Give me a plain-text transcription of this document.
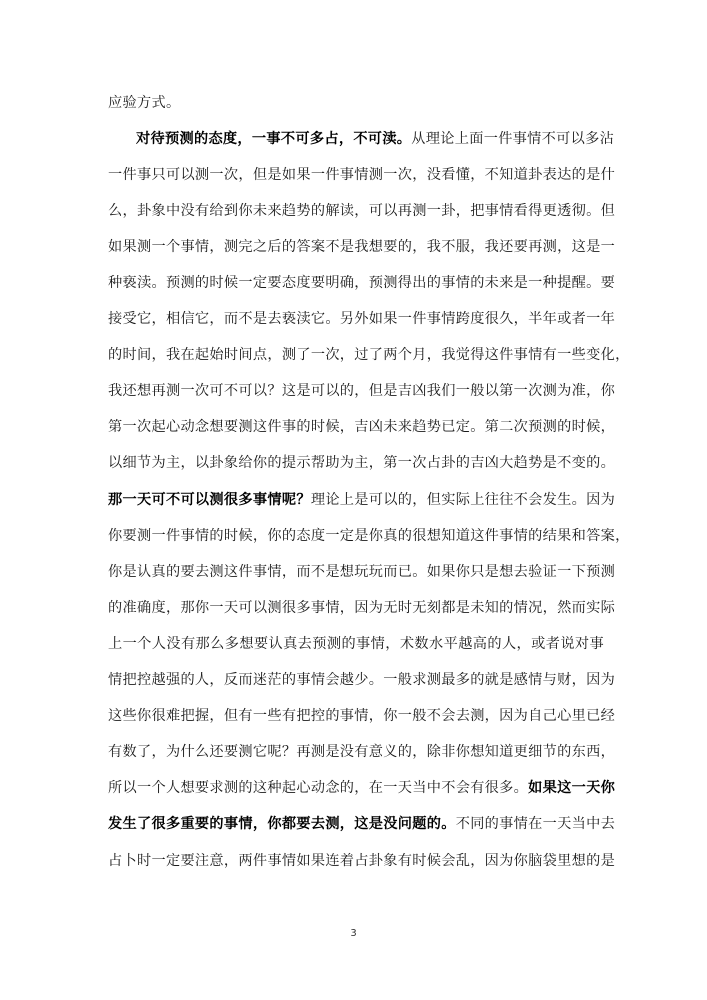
应验方式。
对待预测的态度，一事不可多占，不可渎。从理论上面一件事情不可以多沾
一件事只可以测一次，但是如果一件事情测一次，没看懂，不知道卦表达的是什
么，卦象中没有给到你未来趋势的解读，可以再测一卦，把事情看得更透彻。但
如果测一个事情，测完之后的答案不是我想要的，我不服，我还要再测，这是一
种亵渎。预测的时候一定要态度要明确，预测得出的事情的未来是一种提醒。要
接受它，相信它，而不是去亵渎它。另外如果一件事情跨度很久，半年或者一年
的时间，我在起始时间点，测了一次，过了两个月，我觉得这件事情有一些变化，
我还想再测一次可不可以？这是可以的，但是吉凶我们一般以第一次测为准，你
第一次起心动念想要测这件事的时候，吉凶未来趋势已定。第二次预测的时候，
以细节为主，以卦象给你的提示帮助为主，第一次占卦的吉凶大趋势是不变的。
那一天可不可以测很多事情呢？理论上是可以的，但实际上往往不会发生。因为
你要测一件事情的时候，你的态度一定是你真的很想知道这件事情的结果和答案，
你是认真的要去测这件事情，而不是想玩玩而已。如果你只是想去验证一下预测
的准确度，那你一天可以测很多事情，因为无时无刻都是未知的情况，然而实际
上一个人没有那么多想要认真去预测的事情，术数水平越高的人，或者说对事
情把控越强的人，反而迷茫的事情会越少。一般求测最多的就是感情与财，因为
这些你很难把握，但有一些有把控的事情，你一般不会去测，因为自己心里已经
有数了，为什么还要测它呢？再测是没有意义的，除非你想知道更细节的东西，
所以一个人想要求测的这种起心动念的，在一天当中不会有很多。如果这一天你
发生了很多重要的事情，你都要去测，这是没问题的。不同的事情在一天当中去
占卜时一定要注意，两件事情如果连着占卦象有时候会乱，因为你脑袋里想的是
3
